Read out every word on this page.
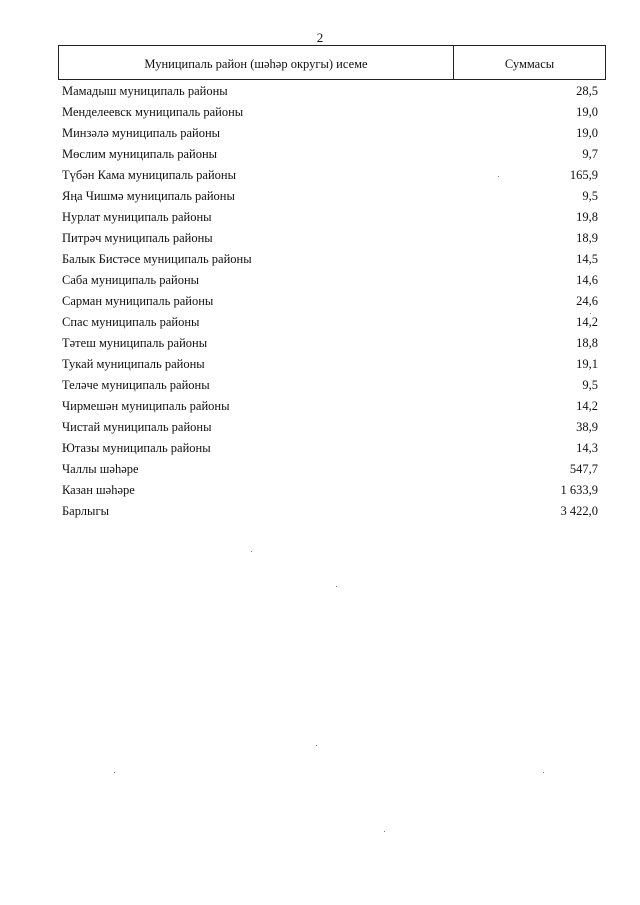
2
Муниципаль район (шәһәр округы) исеме	Суммасы
Мамадыш муниципаль районы	28,5
Менделеевск муниципаль районы	19,0
Минзәлә муниципаль районы	19,0
Мөслим муниципаль районы	9,7
Түбән Кама муниципаль районы	165,9
Яңа Чишмә муниципаль районы	9,5
Нурлат муниципаль районы	19,8
Питрәч муниципаль районы	18,9
Балык Бистәсе муниципаль районы	14,5
Саба муниципаль районы	14,6
Сарман муниципаль районы	24,6
Спас муниципаль районы	14,2
Тәтеш муниципаль районы	18,8
Тукай муниципаль районы	19,1
Теләче муниципаль районы	9,5
Чирмешән муниципаль районы	14,2
Чистай муниципаль районы	38,9
Ютазы муниципаль районы	14,3
Чаллы шәһәре	547,7
Казан шәһәре	1 633,9
Барлыгы	3 422,0
